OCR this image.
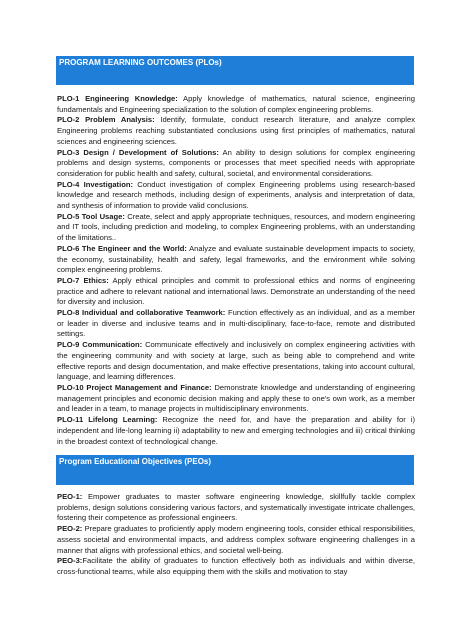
PROGRAM LEARNING OUTCOMES (PLOs)

PLO-1 Engineering Knowledge: Apply knowledge of mathematics, natural science, engineering fundamentals and Engineering specialization to the solution of complex engineering problems.

PLO-2 Problem Analysis: Identify, formulate, conduct research literature, and analyze complex Engineering problems reaching substantiated conclusions using first principles of mathematics, natural sciences and engineering sciences.

PLO-3 Design / Development of Solutions: An ability to design solutions for complex engineering problems and design systems, components or processes that meet specified needs with appropriate consideration for public health and safety, cultural, societal, and environmental considerations.

PLO-4 Investigation: Conduct investigation of complex Engineering problems using research-based knowledge and research methods, including design of experiments, analysis and interpretation of data, and synthesis of information to provide valid conclusions.

PLO-5 Tool Usage: Create, select and apply appropriate techniques, resources, and modern engineering and IT tools, including prediction and modeling, to complex Engineering problems, with an understanding of the limitations..

PLO-6 The Engineer and the World: Analyze and evaluate sustainable development impacts to society, the economy, sustainability, health and safety, legal frameworks, and the environment while solving complex engineering problems.

PLO-7 Ethics: Apply ethical principles and commit to professional ethics and norms of engineering practice and adhere to relevant national and international laws. Demonstrate an understanding of the need for diversity and inclusion.

PLO-8 Individual and collaborative Teamwork: Function effectively as an individual, and as a member or leader in diverse and inclusive teams and in multi-disciplinary, face-to-face, remote and distributed settings.

PLO-9 Communication: Communicate effectively and inclusively on complex engineering activities with the engineering community and with society at large, such as being able to comprehend and write effective reports and design documentation, and make effective presentations, taking into account cultural, language, and learning differences.

PLO-10 Project Management and Finance: Demonstrate knowledge and understanding of engineering management principles and economic decision making and apply these to one's own work, as a member and leader in a team, to manage projects in multidisciplinary environments.

PLO-11 Lifelong Learning: Recognize the need for, and have the preparation and ability for i) independent and life-long learning ii) adaptability to new and emerging technologies and iii) critical thinking in the broadest context of technological change.

Program Educational Objectives (PEOs)

PEO-1: Empower graduates to master software engineering knowledge, skillfully tackle complex problems, design solutions considering various factors, and systematically investigate intricate challenges, fostering their competence as professional engineers.

PEO-2: Prepare graduates to proficiently apply modern engineering tools, consider ethical responsibilities, assess societal and environmental impacts, and address complex software engineering challenges in a manner that aligns with professional ethics, and societal well-being.

PEO-3:Facilitate the ability of graduates to function effectively both as individuals and within diverse, cross-functional teams, while also equipping them with the skills and motivation to stay
